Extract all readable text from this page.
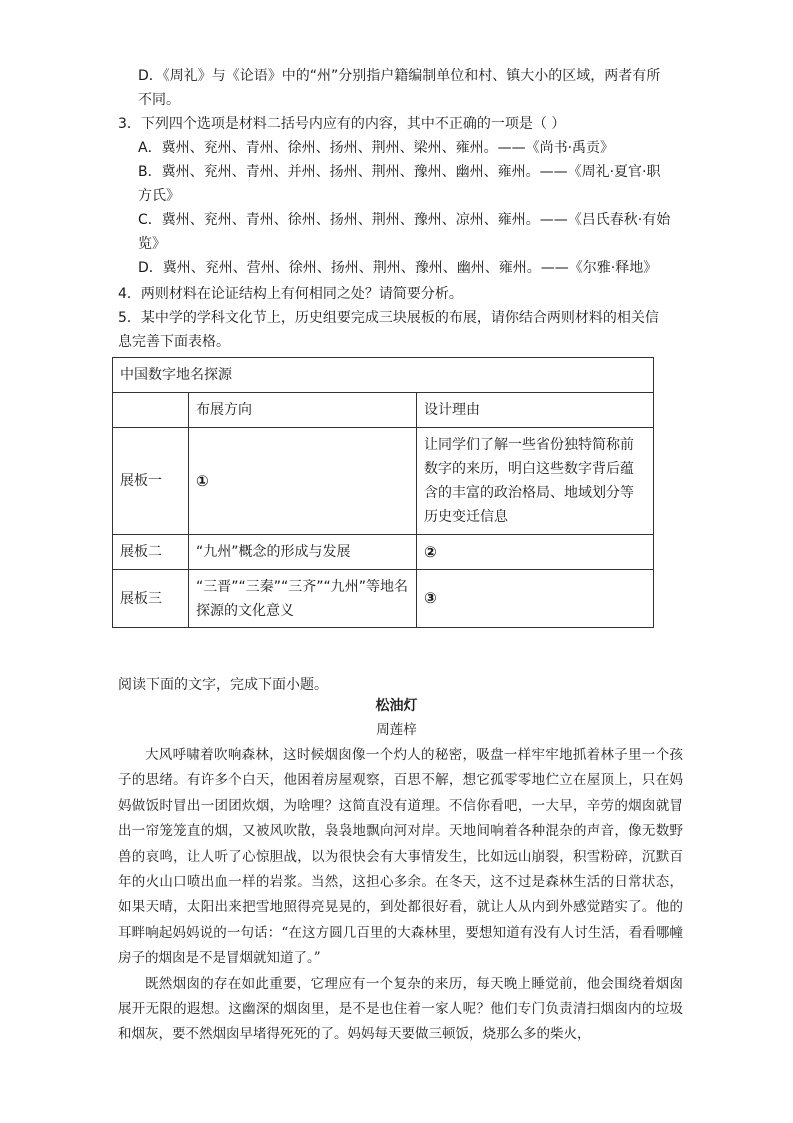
D．《周礼》与《论语》中的“州”分别指户籍编制单位和村、镇大小的区域，两者有所
不同。
3．下列四个选项是材料二括号内应有的内容，其中不正确的一项是（ ）
A．冀州、兖州、青州、徐州、扬州、荆州、梁州、雍州。——《尚书·禹贡》
B．冀州、兖州、青州、并州、扬州、荆州、豫州、幽州、雍州。——《周礼·夏官·职
方氏》
C．冀州、兖州、青州、徐州、扬州、荆州、豫州、凉州、雍州。——《吕氏春秋·有始
览》
D．冀州、兖州、营州、徐州、扬州、荆州、豫州、幽州、雍州。——《尔雅·释地》
4．两则材料在论证结构上有何相同之处？请简要分析。
5．某中学的学科文化节上，历史组要完成三块展板的布展，请你结合两则材料的相关信
息完善下面表格。
中国数字地名探源		
	布展方向	设计理由
展板一	①	让同学们了解一些省份独特简称前
数字的来历，明白这些数字背后蕴
含的丰富的政治格局、地域划分等
历史变迁信息

展板二	“九州”概念的形成与发展	②
展板三	“三晋”“三秦”“三齐”“九州”等地名
探源的文化意义	③
阅读下面的文字，完成下面小题。
松油灯
周莲梓

大风呼啸着吹响森林，这时候烟囱像一个灼人的秘密，吸盘一样牢牢地抓着林子里一个孩子的思绪。有许多个白天，他困着房屋观察，百思不解，想它孤零零地伫立在屋顶上，只在妈妈做饭时冒出一团团炊烟，为啥哩？这简直没有道理。不信你看吧，一大早，辛劳的烟囱就冒出一帘笼笼直的烟，又被风吹散，袅袅地飘向河对岸。天地间响着各种混杂的声音，像无数野兽的哀鸣，让人听了心惊胆战，以为很快会有大事情发生，比如远山崩裂，积雪粉碎，沉默百年的火山口喷出血一样的岩浆。当然，这担心多余。在冬天，这不过是森林生活的日常状态，如果天晴，太阳出来把雪地照得亮晃晃的，到处都很好看，就让人从内到外感觉踏实了。他的耳畔响起妈妈说的一句话：“在这方圆几百里的大森林里，要想知道有没有人讨生活，看看哪幢房子的烟囱是不是冒烟就知道了。”

既然烟囱的存在如此重要，它理应有一个复杂的来历，每天晚上睡觉前，他会围绕着烟囱展开无限的遐想。这幽深的烟囱里，是不是也住着一家人呢？他们专门负责清扫烟囱内的垃圾和烟灰，要不然烟囱早堵得死死的了。妈妈每天要做三顿饭，烧那么多的柴火，
